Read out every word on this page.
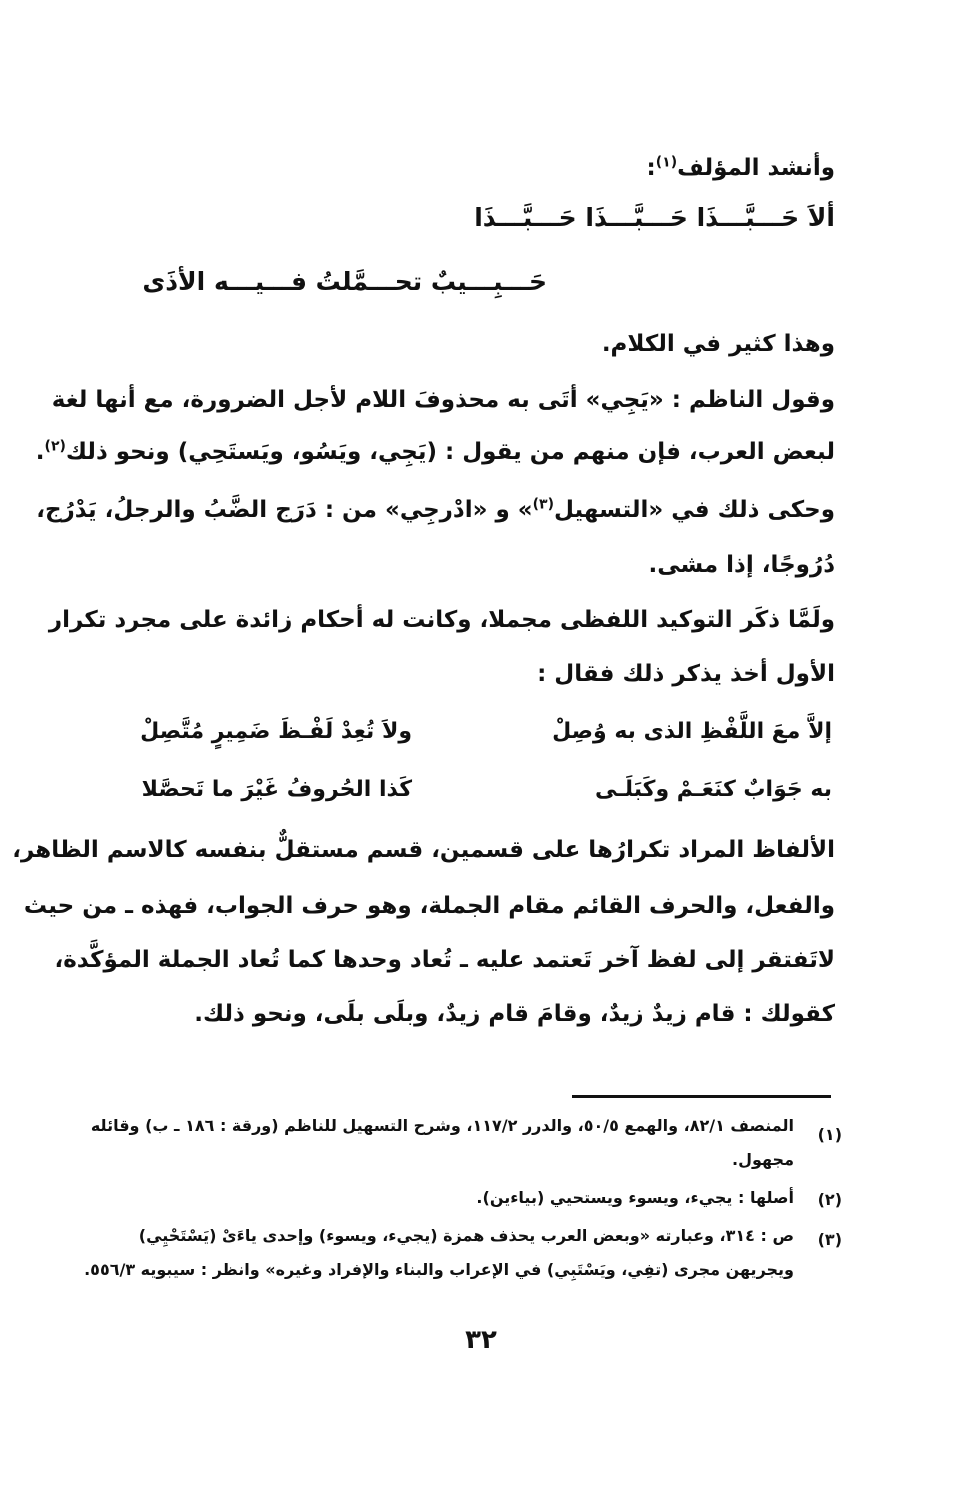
وأنشد المؤلف$^{(١)}$:
ألاَ حَـــبَّـــذَا حَـــبَّـــذَا حَـــبَّـــذَا
حَـــبِـــيبٌ تحـــمَّلتُ فـــيـــه الأذَى
وهذا كثير في الكلام.
وقول الناظم : «يَجِي» أتَى به محذوفَ اللام لأجل الضرورة، مع أنها لغة
لبعض العرب، فإن منهم من يقول : (يَجِي، ويَسُو، ويَستَحِي) ونحو ذلك$^{(٢)}$.
وحكى ذلك في «التسهيل$^{(٣)}$» و «ادْرجِي» من : دَرَج الضَّبُ والرجلُ، يَدْرُج،
دُرُوجًا، إذا مشى.
ولَمَّا ذكَر التوكيد اللفظى مجملا، وكانت له أحكام زائدة على مجرد تكرار
الأول أخذ يذكر ذلك فقال :
ولاَ تُعِدْ لَفْـظَ ضَمِيرٍ مُتَّصِلْ	إلاَّ معَ اللَّفْظِ الذى به وُصِلْ
كَذا الحُروفُ غَيْرَ ما تَحصَّلا	به جَوَابٌ كنَعَـمْ وكَبَلَـى
الألفاظ المراد تكرارُها على قسمين، قسم مستقلٌّ بنفسه كالاسم الظاهر،
والفعل، والحرف القائم مقام الجملة، وهو حرف الجواب، فهذه ـ من حيث
لاتَفتقر إلى لفظ آخر تَعتمد عليه ـ تُعاد وحدها كما تُعاد الجملة المؤكَّدة،
كقولك : قام زيدٌ زيدٌ، وقامَ قام زيدٌ، وبلَى بلَى، ونحو ذلك.
(١)
المنصف ٨٢/١، والهمع ٥٠/٥، والدرر ١١٧/٢، وشرح التسهيل للناظم (ورقة : ١٨٦ ـ ب) وقائله
مجهول.
(٢)
أصلها : يجيء، ويسوء ويستحيي (بياءين).
(٣)
ص : ٣١٤، وعبارته «وبعض العرب يحذف همزة (يجيء، ويسوء) وإحدى ياءَىْ (يَسْتَحْيِي)
ويجريهن مجرى (تفِي، ويَسْتَبِي) في الإعراب والبناء والإفراد وغيره» وانظر : سيبويه ٥٥٦/٣.
٣٢
